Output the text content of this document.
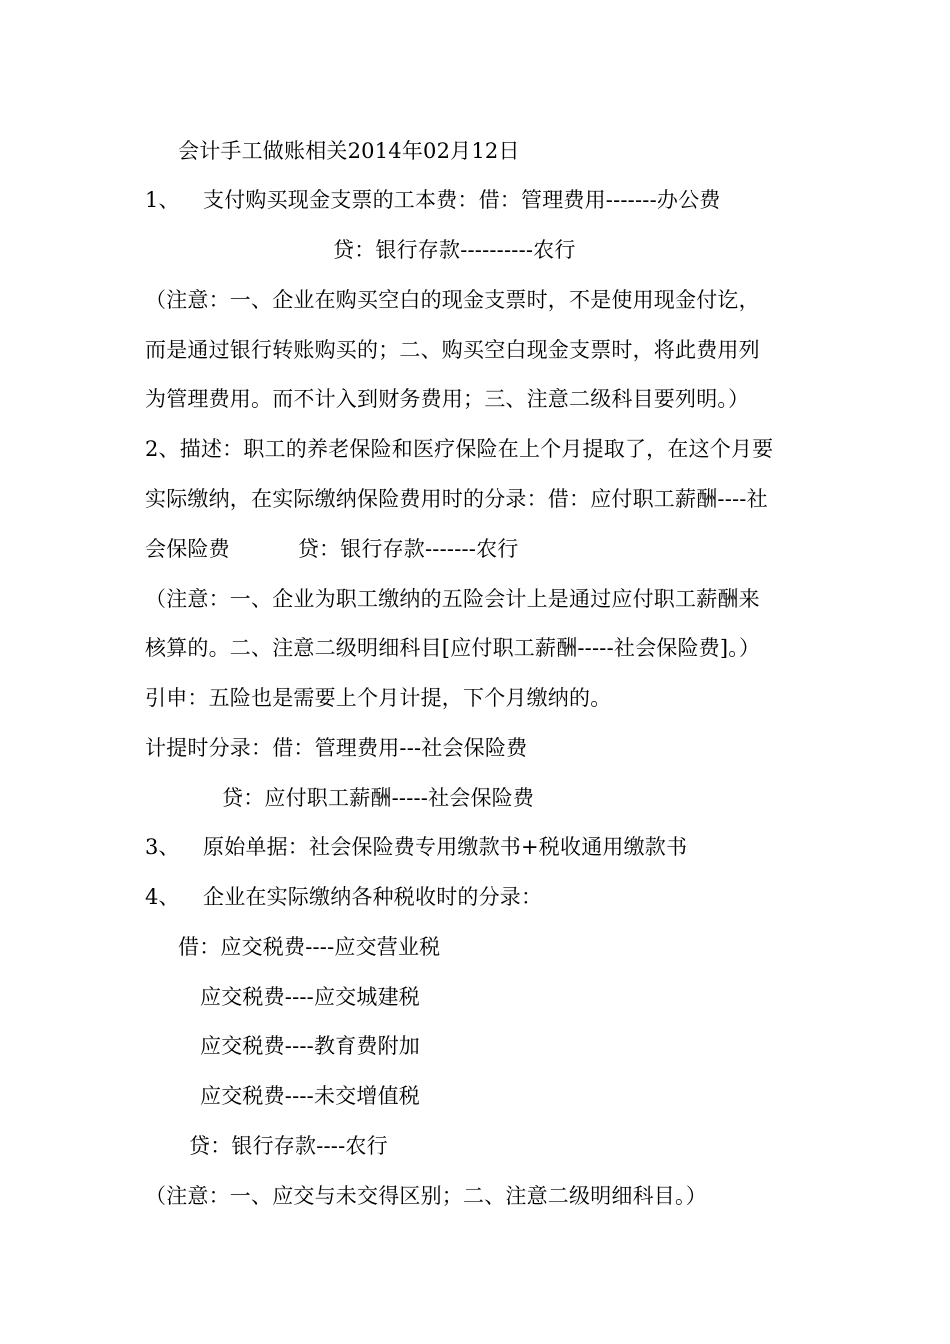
会计手工做账相关2014年02月12日
1、 支付购买现金支票的工本费：借：管理费用-------办公费
贷：银行存款----------农行
（注意：一、企业在购买空白的现金支票时，不是使用现金付讫，
而是通过银行转账购买的；二、购买空白现金支票时，将此费用列
为管理费用。而不计入到财务费用；三、注意二级科目要列明。）
2、描述：职工的养老保险和医疗保险在上个月提取了，在这个月要
实际缴纳，在实际缴纳保险费用时的分录：借：应付职工薪酬----社
会保险费	贷：银行存款-------农行
（注意：一、企业为职工缴纳的五险会计上是通过应付职工薪酬来
核算的。二、注意二级明细科目[应付职工薪酬-----社会保险费]。）
引申：五险也是需要上个月计提，下个月缴纳的。
计提时分录：借：管理费用---社会保险费
贷：应付职工薪酬-----社会保险费
3、 原始单据：社会保险费专用缴款书+税收通用缴款书
4、 企业在实际缴纳各种税收时的分录：
借：应交税费----应交营业税
应交税费----应交城建税
应交税费----教育费附加
应交税费----未交增值税
贷：银行存款----农行
（注意：一、应交与未交得区别；二、注意二级明细科目。）
